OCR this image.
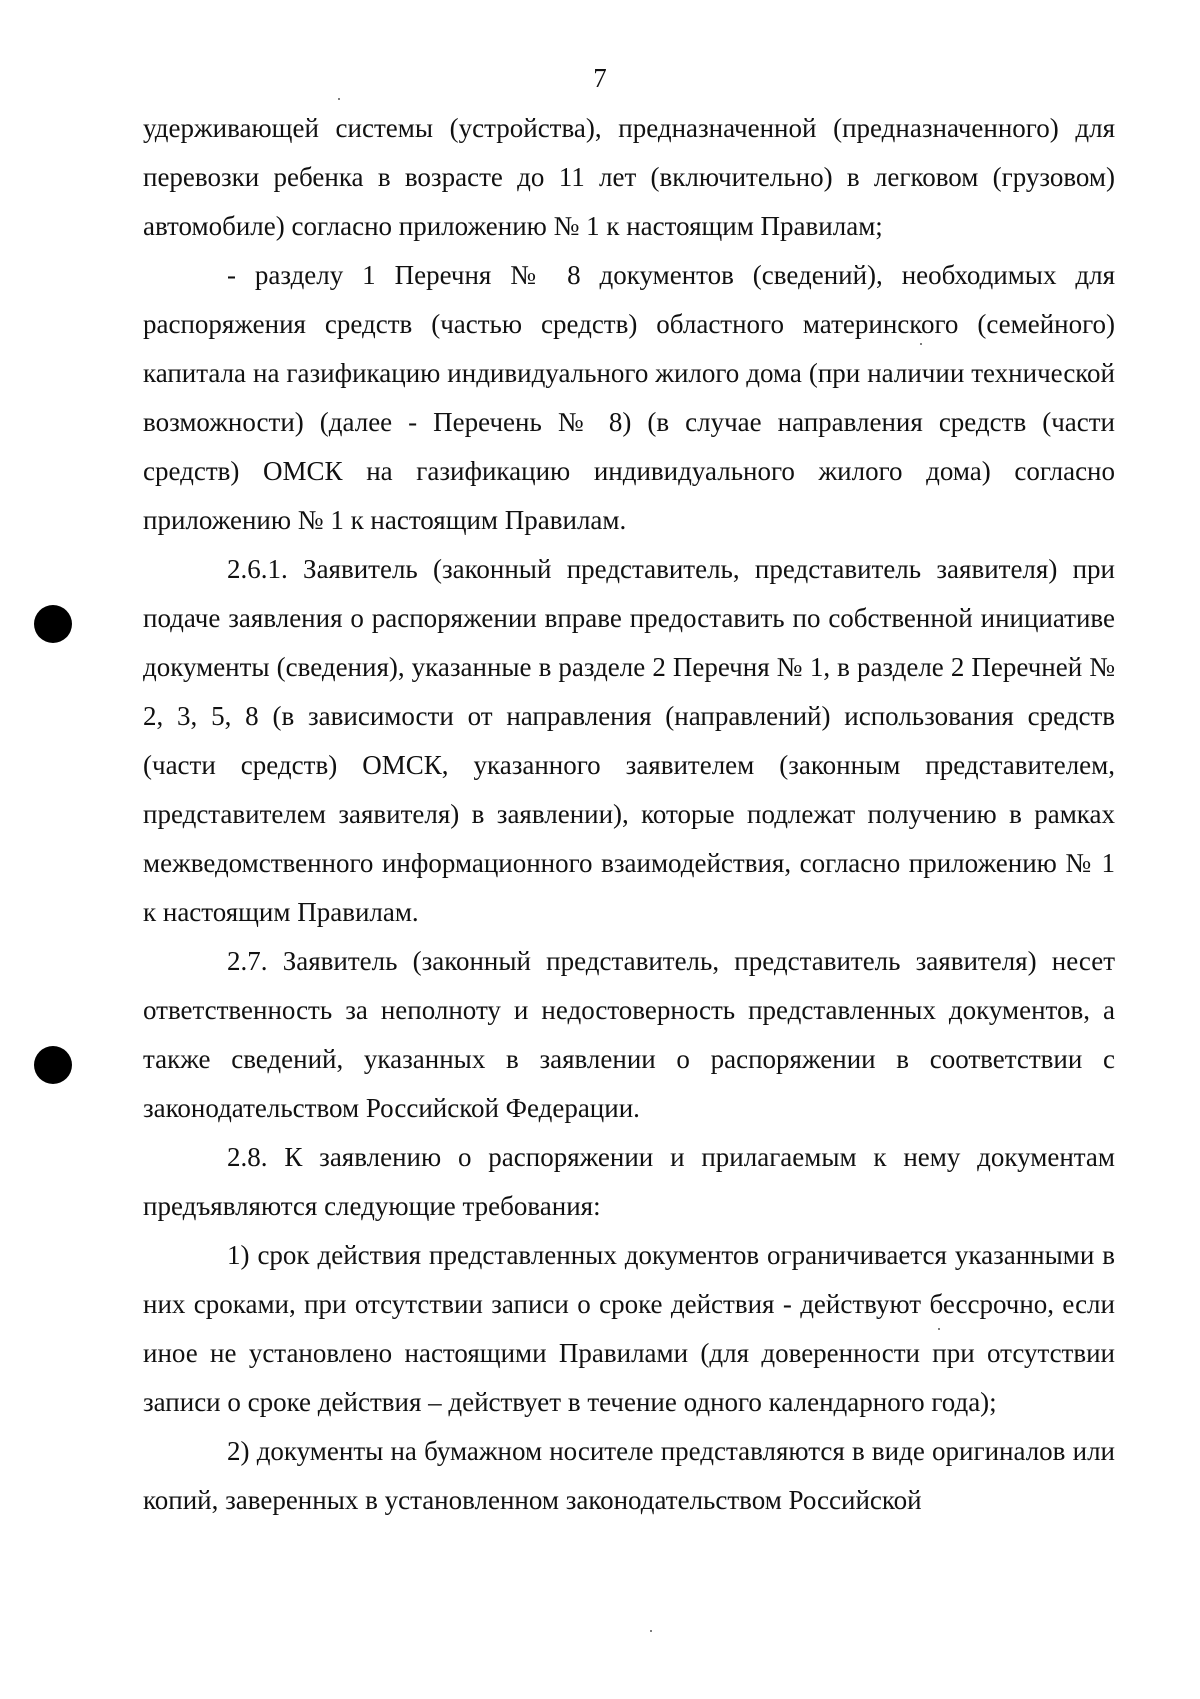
7

удерживающей системы (устройства), предназначенной (предназначенного) для перевозки ребенка в возрасте до 11 лет (включительно) в легковом (грузовом) автомобиле) согласно приложению № 1 к настоящим Правилам;

- разделу 1 Перечня № 8 документов (сведений), необходимых для распоряжения средств (частью средств) областного материнского (семейного) капитала на газификацию индивидуального жилого дома (при наличии технической возможности) (далее - Перечень № 8) (в случае направления средств (части средств) ОМСК на газификацию индивидуального жилого дома) согласно приложению № 1 к настоящим Правилам.

2.6.1. Заявитель (законный представитель, представитель заявителя) при подаче заявления о распоряжении вправе предоставить по собственной инициативе документы (сведения), указанные в разделе 2 Перечня № 1, в разделе 2 Перечней № 2, 3, 5, 8 (в зависимости от направления (направлений) использования средств (части средств) ОМСК, указанного заявителем (законным представителем, представителем заявителя) в заявлении), которые подлежат получению в рамках межведомственного информационного взаимодействия, согласно приложению № 1 к настоящим Правилам.

2.7. Заявитель (законный представитель, представитель заявителя) несет ответственность за неполноту и недостоверность представленных документов, а также сведений, указанных в заявлении о распоряжении в соответствии с законодательством Российской Федерации.

2.8. К заявлению о распоряжении и прилагаемым к нему документам предъявляются следующие требования:

1) срок действия представленных документов ограничивается указанными в них сроками, при отсутствии записи о сроке действия - действуют бессрочно, если иное не установлено настоящими Правилами (для доверенности при отсутствии записи о сроке действия – действует в течение одного календарного года);

2) документы на бумажном носителе представляются в виде оригиналов или копий, заверенных в установленном законодательством Российской
